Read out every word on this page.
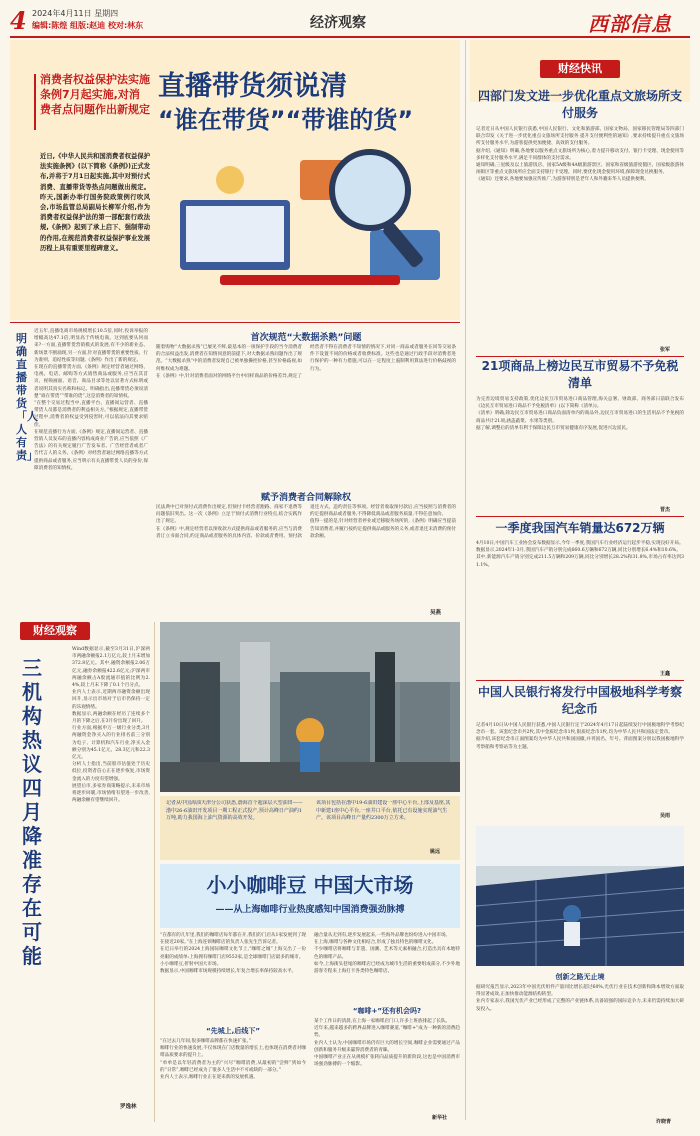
4 2024年4月11日 星期四
编辑:陈煌 组版:赵迪 校对:林东	经济观察	西部信息
消费者权益保护法实施条例7月起实施,对消费者点问题作出新规定
直播带货须说清
“谁在带货”“带谁的货”
近日,《中华人民共和国消费者权益保护法实施条例》(以下简称《条例》)正式发布,并将于7月1日起实施,其中对预付式消费、直播带货等热点问题做出规定。昨天,国新办举行国务院政策例行吹风会,市场监管总局副局长柳军介绍,作为消费者权益保护法的第一部配套行政法规,《条例》起到了承上启下、强制带动的作用,在规范消费者权益保护事业发展历程上具有重要里程碑意义。
明确直播带货「人人有责」
近五年,直播电商市场规模增长10.5倍,同时,投诉举报的增幅高达47.1倍,明显高于传统电商。这到底要从何而来?一方面,直播带货营销模式的发展,有不少的新业态、新场景不断涌现,另一方面,针对直播带货的重要性质、行为准则、追结性质等问题,《条例》作出了新的规定。
在现在的直播带货方面,《条例》规定经营者通过网络、电视、电话、邮购等方式销售商品或服务,应当在其首页、视频画面、语音、商品目录等处以显著方式标明或者说明其真实名称和标记。明确指出,直播带货必须说清楚“谁在带货”“带谁的货”,这是消费者的知情权。
“在整个交易过程当中,直播平台、直播间运营者、直播带货人员都是消费者的利益相关方。”根据规定,直播带货过程中,消费者的权益受到侵害时,可以依法向其要求赔偿。
在规范直播行为方面,《条例》规定,直播间运营者、直播营销人员发布的直播内容构成商业广告的,应当依照《广告法》的有关规定履行广告发布者、广告经营者或者广告代言人的义务。《条例》对经营者通过网络直播等方式提供商品或者服务,应当明示有关直播带货人员的身份,保障消费者的知情权。
首次规范“大数据杀熟”问题
随着购物“大数据杀熟”已屡见不鲜,最基本的一项保护手段的当今消费者的合法权益出发,消费者在知情同意的前提下,对大数据杀熟问题作出了规范。“大数据杀熟”中的消费者发现自己被单独操控价格,甚至价格歧视,如何维权成为难题。
在《条例》中,针对消费者面对的网络平台中同样商品的价格差异,规定了经营者不得在消费者不知情的情况下,对同一商品或者服务在同等交易条件下设置不同的价格或者收费标准。这些也是通过行政手段对消费者进行保护的一种有力措施,可以在一定程度上遏制利用算法进行价格歧视的行为。
赋予消费者合同解除权
民法典中已对预付式消费作出规定,但预付卡经营者跑路、商家不退费等问题依旧突出。这一次《条例》立足于预付式消费行业特点,结合实践作出了规定。
在《条例》中,规定经营者以预收款方式提供商品或者服务的,应当与消费者订立书面合同,约定商品或者服务的具体内容、价款或者费用、预付款退还方式、违约责任等事项。经营者收取预付款后,应当按照与消费者的约定提供商品或者服务,不得降低商品或者服务质量,不得任意加价。
值得一提的是,针对经营者停业或迁移服务场所的,《条例》明确应当提前告知消费者,并履行按约定提供商品或服务的义务,或者退还未消费的预付款余额。
吴燕
财经观察
三机构热议四月降准存在可能
Wind数据显示,截至3月31日,沪深两市两融余额报2.1万亿元,较上月末增加372.8亿元。其中,融资余额报2.06万亿元,融券余额报422.6亿元;沪深两市两融余额占A股流通市值的比例为2.4%,较上月末下降了0.1个百分点。
业内人士表示,近期两市融资余额出现回升,显示出市场对于后市仍保持一定的乐观情绪。
数据显示,两融余额在经历了连续多个月的下降之后,在3月份出现了回升。
行业方面,根据申万一级行业分类,3月两融资金净买入的行业排名前三分别为电子、计算机和汽车行业,净买入金额分别为45.1亿元、28.3亿元和22.3亿元。
分析人士指出,当前股市估值处于历史低位,投资者信心正在逐步恢复,市场资金流入的力度有望增强。
展望后市,多家券商策略提示,未来市场将逐步回暖,市场情绪有望进一步改善,两融余额有望继续回升。
罗逸林
记者从中国海油天津分公司获悉,渤海首个超深层大型油田——渤中26-6油田开发项目一期工程正式投产,预计高峰日产油约1万吨,助力我国海上油气资源的高效开发。
该项目包括在渤中19-6油田建设一座中心平台,上部及基座,其中新建1座中心平台,一座井口平台,依托已有设施实现油气生产。该项目高峰日产量约2300万立方米。
姚远
小小咖啡豆 中国大市场
——从上海咖啡行业热度感知中国消费强劲脉搏
“在都有的几年里,我们的咖啡店每年都在开,我们的门店从1家发展到了现在接近20家。”在上海连锁咖啡店的负责人张先生告诉记者。
在近日举行的2024上海国际咖啡文化节上,“咖啡之城”上海交出了一份亮眼的成绩单:上海拥有咖啡门店9553家,是全球咖啡门店最多的城市。
小小咖啡豆,折射中国大市场。
数据显示,中国咖啡市场规模持续增长,年复合增长率保持较高水平。
“先城上,后线下”
“在过去几年间,很多咖啡品牌都在快速扩张。”
咖啡行业的快速发展,不仅体现在门店数量的增长上,也体现在消费者对咖啡品质要求的提升上。
“单单是以年轻消费者为主的“兴尽”咖啡消费,从最初的“尝鲜”到如今的“日常”,咖啡已经成为了很多人生活中不可或缺的一部分。”
业内人士表示,咖啡行业正在迎来新的发展机遇。
融合量从无到有,逐步发展起来,一些海外品牌也纷纷进入中国市场。
在上海,咖啡与各种文化相结合,形成了独具特色的咖啡文化。
不少咖啡店将咖啡与非遗、国潮、艺术等元素相融合,打造出具有本地特色的咖啡产品。
如今,上海街头巷尾的咖啡店已经成为城市生活的重要组成部分,不少外地游客专程来上海打卡各类特色咖啡店。
“咖啡+”还有机会吗?
某个工作日的清晨,在上海一家咖啡店门口,许多上班族排起了长队。
近年来,越来越多的跨界品牌进入咖啡赛道,“咖啡+”成为一种新的消费趋势。
业内人士认为,中国咖啡市场仍有巨大的增长空间,咖啡企业需要通过产品创新和服务升级来赢得消费者的青睐。
中国咖啡产业正在从规模扩张转向品质提升的新阶段,这也是中国消费市场强劲脉搏的一个缩影。
新华社
财经快讯
四部门发文进一步优化重点文旅场所支付服务
记者近日从中国人民银行获悉,中国人民银行、文化和旅游部、国家文物局、国家移民管理局等四部门联合印发《关于进一步优化重点文旅场所支付服务 提升支付便利性的通知》,要求持续提升重点文旅场所支付服务水平,为游客提供更加便捷、高效的支付服务。
据介绍,《通知》明确,各地要以服务重点文旅场所为核心,着力提升移动支付、银行卡受理、现金使用等多样化支付服务水平,满足不同群体的支付需求。
通知明确,三星级及以上旅游饭店、国家5A级和4A级旅游景区、国家和省级旅游度假区、国家级旅游休闲街区等重点文旅场所应全面支持银行卡受理。同时,要优化现金使用环境,保障现金兑换服务。
《通知》还要求,各地要加强宣传推广,为游客特别是老年人和外籍来华人员提供便利。
张军
21项商品上榜边民互市贸易不予免税清单
为完善边境贸易支持政策,优化边民互市贸易进口商品管理,海关总署、财政部、商务部日前联合发布《边民互市贸易进口商品不予免税清单》(以下简称《清单》)。
《清单》明确,除边民互市贸易进口商品负面清单内的商品外,边民互市贸易进口的生活用品不予免税的商品共计21项,涵盖蔬菜、水果等类别。
据了解,调整后的清单有利于保障边民互市贸易健康有序发展,促进兴边富民。
晋杰
一季度我国汽车销量达672万辆
4月10日,中国汽车工业协会发布数据显示,今年一季度,我国汽车行业经济运行起步平稳,实现良好开局。
数据显示,2024年1-3月,我国汽车产销分别完成660.6万辆和672万辆,同比分别增长6.4%和10.6%。
其中,新能源汽车产销分别完成211.5万辆和209万辆,同比分别增长28.2%和31.8%,市场占有率达到31.1%。
王鑫
中国人民银行将发行中国极地科学考察纪念币
记者4月10日从中国人民银行获悉,中国人民银行定于2024年4月17日起陆续发行中国极地科学考察纪念币一套。该套纪念币共2枚,其中金质纪念币1枚,银质纪念币1枚,均为中华人民共和国法定货币。
据介绍,该套纪念币正面图案均为中华人民共和国国徽,并刊国名、年号。背面图案分别以我国极地科学考察船和考察站等为主题。
吴雨
创新之路无止境
据研究报告显示,2023年中国光伏组件产量同比增长超过60%,光伏行业在技术创新和降本增效方面取得显著成效,正加快推动能源结构转型。
业内专家表示,我国光伏产业已经形成了完整的产业链体系,具备较强的国际竞争力,未来仍需持续加大研发投入。
许晓青
